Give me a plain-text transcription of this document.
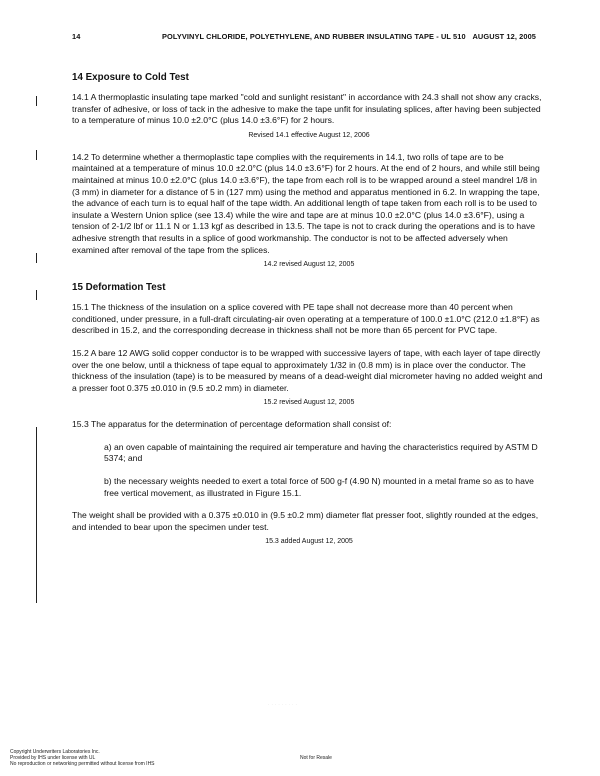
14	POLYVINYL CHLORIDE, POLYETHYLENE, AND RUBBER INSULATING TAPE - UL 510 AUGUST 12, 2005
14 Exposure to Cold Test

14.1 A thermoplastic insulating tape marked "cold and sunlight resistant" in accordance with 24.3 shall not show any cracks, transfer of adhesive, or loss of tack in the adhesive to make the tape unfit for insulating splices, after having been subjected to a temperature of minus 10.0 ±2.0°C (plus 14.0 ±3.6°F) for 2 hours.

Revised 14.1 effective August 12, 2006

14.2 To determine whether a thermoplastic tape complies with the requirements in 14.1, two rolls of tape are to be maintained at a temperature of minus 10.0 ±2.0°C (plus 14.0 ±3.6°F) for 2 hours. At the end of 2 hours, and while still being maintained at minus 10.0 ±2.0°C (plus 14.0 ±3.6°F), the tape from each roll is to be wrapped around a steel mandrel 1/8 in (3 mm) in diameter for a distance of 5 in (127 mm) using the method and apparatus mentioned in 6.2. In wrapping the tape, the advance of each turn is to equal half of the tape width. An additional length of tape taken from each roll is to be used to insulate a Western Union splice (see 13.4) while the wire and tape are at minus 10.0 ±2.0°C (plus 14.0 ±3.6°F), using a tension of 2-1/2 lbf or 11.1 N or 1.13 kgf as described in 13.5. The tape is not to crack during the operations and is to have adhesive strength that results in a splice of good workmanship. The conductor is not to be affected adversely when examined after removal of the tape from the splices.

14.2 revised August 12, 2005
15 Deformation Test

15.1 The thickness of the insulation on a splice covered with PE tape shall not decrease more than 40 percent when conditioned, under pressure, in a full-draft circulating-air oven operating at a temperature of 100.0 ±1.0°C (212.0 ±1.8°F) as described in 15.2, and the corresponding decrease in thickness shall not be more than 65 percent for PVC tape.

15.2 A bare 12 AWG solid copper conductor is to be wrapped with successive layers of tape, with each layer of tape directly over the one below, until a thickness of tape equal to approximately 1/32 in (0.8 mm) is in place over the conductor. The thickness of the insulation (tape) is to be measured by means of a dead-weight dial micrometer having no added weight and a presser foot 0.375 ±0.010 in (9.5 ±0.2 mm) in diameter.

15.2 revised August 12, 2005

15.3 The apparatus for the determination of percentage deformation shall consist of:

a) an oven capable of maintaining the required air temperature and having the characteristics required by ASTM D 5374; and

b) the necessary weights needed to exert a total force of 500 g-f (4.90 N) mounted in a metal frame so as to have free vertical movement, as illustrated in Figure 15.1.

The weight shall be provided with a 0.375 ±0.010 in (9.5 ±0.2 mm) diameter flat presser foot, slightly rounded at the edges, and intended to bear upon the specimen under test.

15.3 added August 12, 2005
· · · · · · · · ·
Copyright Underwriters Laboratories Inc.
Provided by IHS under license with UL
No reproduction or networking permitted without license from IHS
Not for Resale
